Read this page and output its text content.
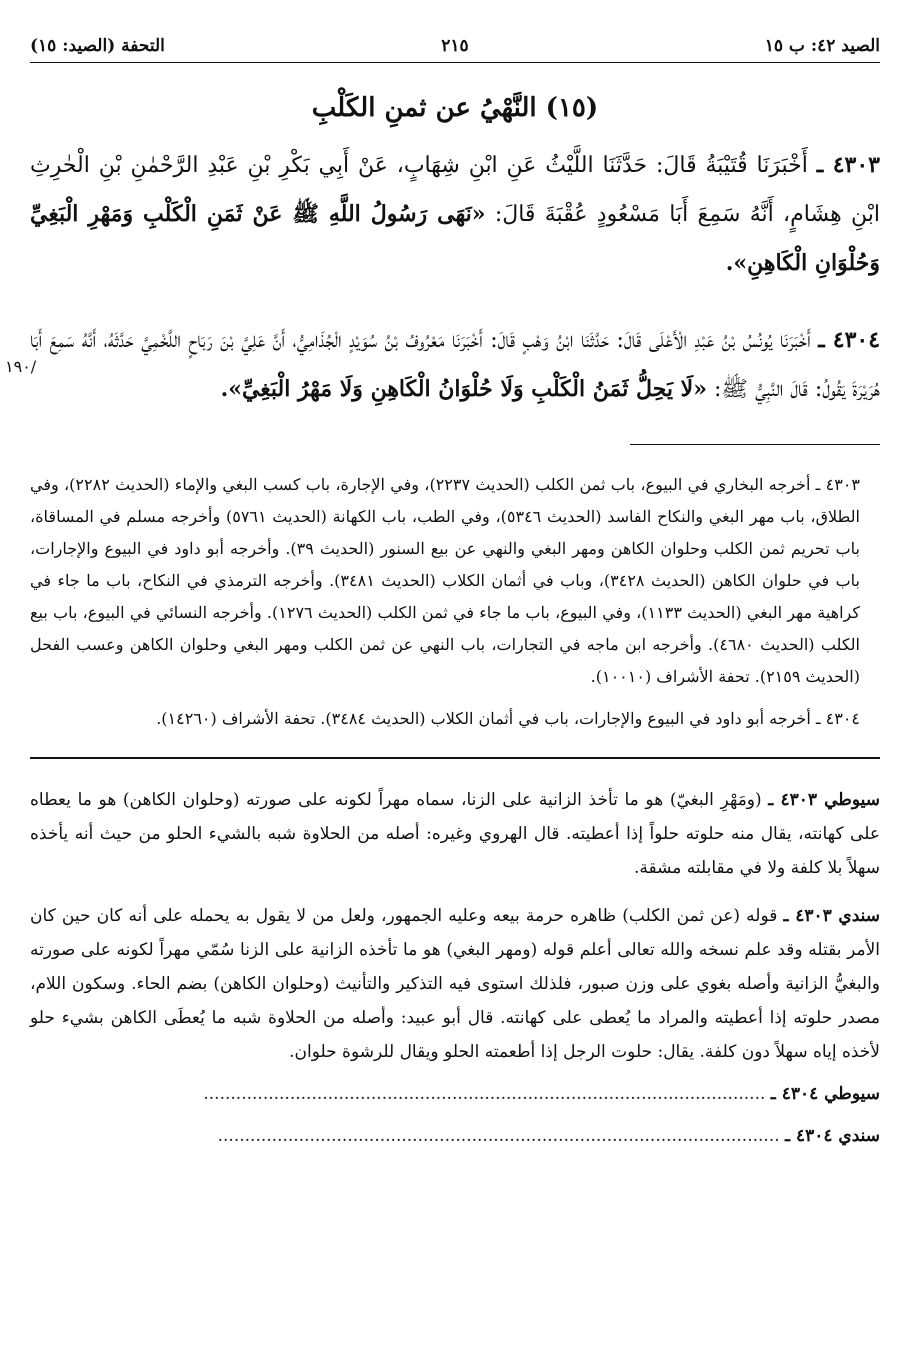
الصيد ٤٢: ب ١٥
٢١٥
التحفة (الصيد: ١٥)
(١٥) النَّهْيُ عن ثمنِ الكَلْبِ
١٩٠/

٤٣٠٣ ـ أَخْبَرَنَا قُتَيْبَةُ قَالَ: حَدَّثَنَا اللَّيْثُ عَنِ ابْنِ شِهَابٍ، عَنْ أَبِي بَكْرِ بْنِ عَبْدِ الرَّحْمٰنِ بْنِ الْحٰرِثِ ابْنِ هِشَامٍ، أَنَّهُ سَمِعَ أَبَا مَسْعُودٍ عُقْبَةَ قَالَ: «نَهَى رَسُولُ اللَّهِ ﷺ عَنْ ثَمَنِ الْكَلْبِ وَمَهْرِ الْبَغِيِّ وَحُلْوَانِ الْكَاهِنِ».

٤٣٠٤ ـ أَخْبَرَنَا يُونُسُ بْنُ عَبْدِ الْأَعْلَى قَالَ: حَدَّثَنَا ابْنُ وَهْبٍ قَالَ: أَخْبَرَنَا مَعْرُوفُ بْنُ سُوَيْدٍ الْجُذَامِيُّ، أَنَّ عَلِيَّ بْنَ رَبَاحٍ اللَّخْمِيَّ حَدَّثَهُ، أَنَّهُ سَمِعَ أَبَا هُرَيْرَةَ يَقُولُ: قَالَ النَّبِيُّ ﷺ: «لَا يَحِلُّ ثَمَنُ الْكَلْبِ وَلَا حُلْوَانُ الْكَاهِنِ وَلَا مَهْرُ الْبَغِيِّ».

٤٣٠٣ ـ أخرجه البخاري في البيوع، باب ثمن الكلب (الحديث ٢٢٣٧)، وفي الإجارة، باب كسب البغي والإماء (الحديث ٢٢٨٢)، وفي الطلاق، باب مهر البغي والنكاح الفاسد (الحديث ٥٣٤٦)، وفي الطب، باب الكهانة (الحديث ٥٧٦١) وأخرجه مسلم في المساقاة، باب تحريم ثمن الكلب وحلوان الكاهن ومهر البغي والنهي عن بيع السنور (الحديث ٣٩). وأخرجه أبو داود في البيوع والإجارات، باب في حلوان الكاهن (الحديث ٣٤٢٨)، وباب في أثمان الكلاب (الحديث ٣٤٨١). وأخرجه الترمذي في النكاح، باب ما جاء في كراهية مهر البغي (الحديث ١١٣٣)، وفي البيوع، باب ما جاء في ثمن الكلب (الحديث ١٢٧٦). وأخرجه النسائي في البيوع، باب بيع الكلب (الحديث ٤٦٨٠). وأخرجه ابن ماجه في التجارات، باب النهي عن ثمن الكلب ومهر البغي وحلوان الكاهن وعسب الفحل (الحديث ٢١٥٩). تحفة الأشراف (١٠٠١٠).

٤٣٠٤ ـ أخرجه أبو داود في البيوع والإجارات، باب في أثمان الكلاب (الحديث ٣٤٨٤). تحفة الأشراف (١٤٢٦٠).

سيوطي ٤٣٠٣ ـ (ومَهْرِ البغيّ) هو ما تأخذ الزانية على الزنا، سماه مهراً لكونه على صورته (وحلوان الكاهن) هو ما يعطاه على كهانته، يقال منه حلوته حلواً إذا أعطيته. قال الهروي وغيره: أصله من الحلاوة شبه بالشيء الحلو من حيث أنه يأخذه سهلاً بلا كلفة ولا في مقابلته مشقة.

سندي ٤٣٠٣ ـ قوله (عن ثمن الكلب) ظاهره حرمة بيعه وعليه الجمهور، ولعل من لا يقول به يحمله على أنه كان حين كان الأمر بقتله وقد علم نسخه والله تعالى أعلم قوله (ومهر البغي) هو ما تأخذه الزانية على الزنا سُمّي مهراً لكونه على صورته والبغيُّ الزانية وأصله بغوي على وزن صبور، فلذلك استوى فيه التذكير والتأنيث (وحلوان الكاهن) بضم الحاء. وسكون اللام، مصدر حلوته إذا أعطيته والمراد ما يُعطى على كهانته. قال أبو عبيد: وأصله من الحلاوة شبه ما يُعطَى الكاهن بشيء حلو لأخذه إياه سهلاً دون كلفة. يقال: حلوت الرجل إذا أطعمته الحلو ويقال للرشوة حلوان.

سيوطي ٤٣٠٤ ـ ........................................................................................................
سندي ٤٣٠٤ ـ ........................................................................................................
